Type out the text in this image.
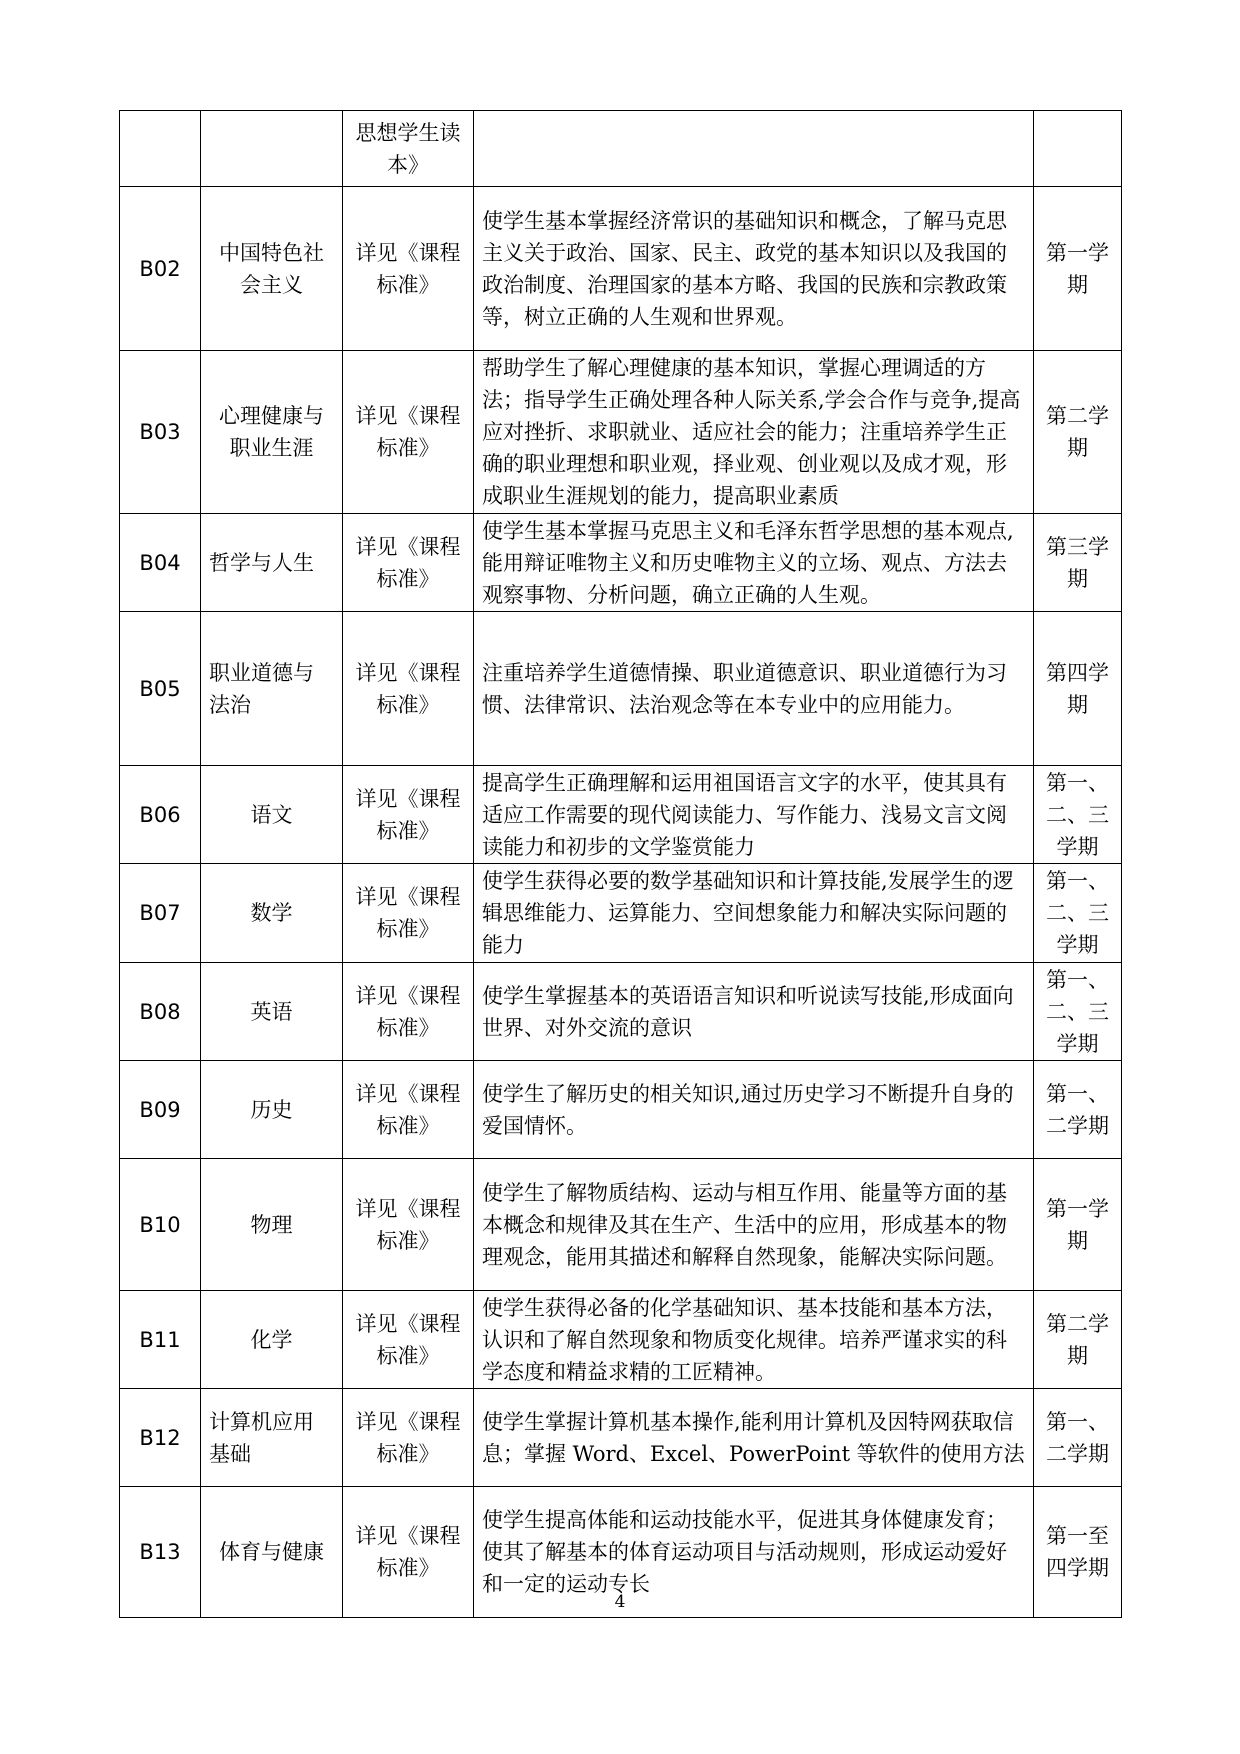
		思想学生读本》		
B02	中国特色社会主义	详见《课程标准》	使学生基本掌握经济常识的基础知识和概念，了解马克思主义关于政治、国家、民主、政党的基本知识以及我国的政治制度、治理国家的基本方略、我国的民族和宗教政策等，树立正确的人生观和世界观。	第一学期
B03	心理健康与职业生涯	详见《课程标准》	帮助学生了解心理健康的基本知识，掌握心理调适的方法；指导学生正确处理各种人际关系,学会合作与竞争,提高应对挫折、求职就业、适应社会的能力；注重培养学生正确的职业理想和职业观，择业观、创业观以及成才观，形成职业生涯规划的能力，提高职业素质	第二学期
B04	哲学与人生	详见《课程标准》	使学生基本掌握马克思主义和毛泽东哲学思想的基本观点,能用辩证唯物主义和历史唯物主义的立场、观点、方法去观察事物、分析问题，确立正确的人生观。	第三学期
B05	职业道德与法治	详见《课程标准》	注重培养学生道德情操、职业道德意识、职业道德行为习惯、法律常识、法治观念等在本专业中的应用能力。	第四学期
B06	语文	详见《课程标准》	提高学生正确理解和运用祖国语言文字的水平，使其具有适应工作需要的现代阅读能力、写作能力、浅易文言文阅读能力和初步的文学鉴赏能力	第一、二、三学期
B07	数学	详见《课程标准》	使学生获得必要的数学基础知识和计算技能,发展学生的逻辑思维能力、运算能力、空间想象能力和解决实际问题的能力	第一、二、三学期
B08	英语	详见《课程标准》	使学生掌握基本的英语语言知识和听说读写技能,形成面向世界、对外交流的意识	第一、二、三学期
B09	历史	详见《课程标准》	使学生了解历史的相关知识,通过历史学习不断提升自身的爱国情怀。	第一、二学期
B10	物理	详见《课程标准》	使学生了解物质结构、运动与相互作用、能量等方面的基本概念和规律及其在生产、生活中的应用，形成基本的物理观念，能用其描述和解释自然现象，能解决实际问题。	第一学期
B11	化学	详见《课程标准》	使学生获得必备的化学基础知识、基本技能和基本方法，认识和了解自然现象和物质变化规律。培养严谨求实的科学态度和精益求精的工匠精神。	第二学期
B12	计算机应用基础	详见《课程标准》	使学生掌握计算机基本操作,能利用计算机及因特网获取信息；掌握 Word、Excel、PowerPoint 等软件的使用方法	第一、二学期
B13	体育与健康	详见《课程标准》	使学生提高体能和运动技能水平，促进其身体健康发育；使其了解基本的体育运动项目与活动规则，形成运动爱好和一定的运动专长	第一至四学期
4
